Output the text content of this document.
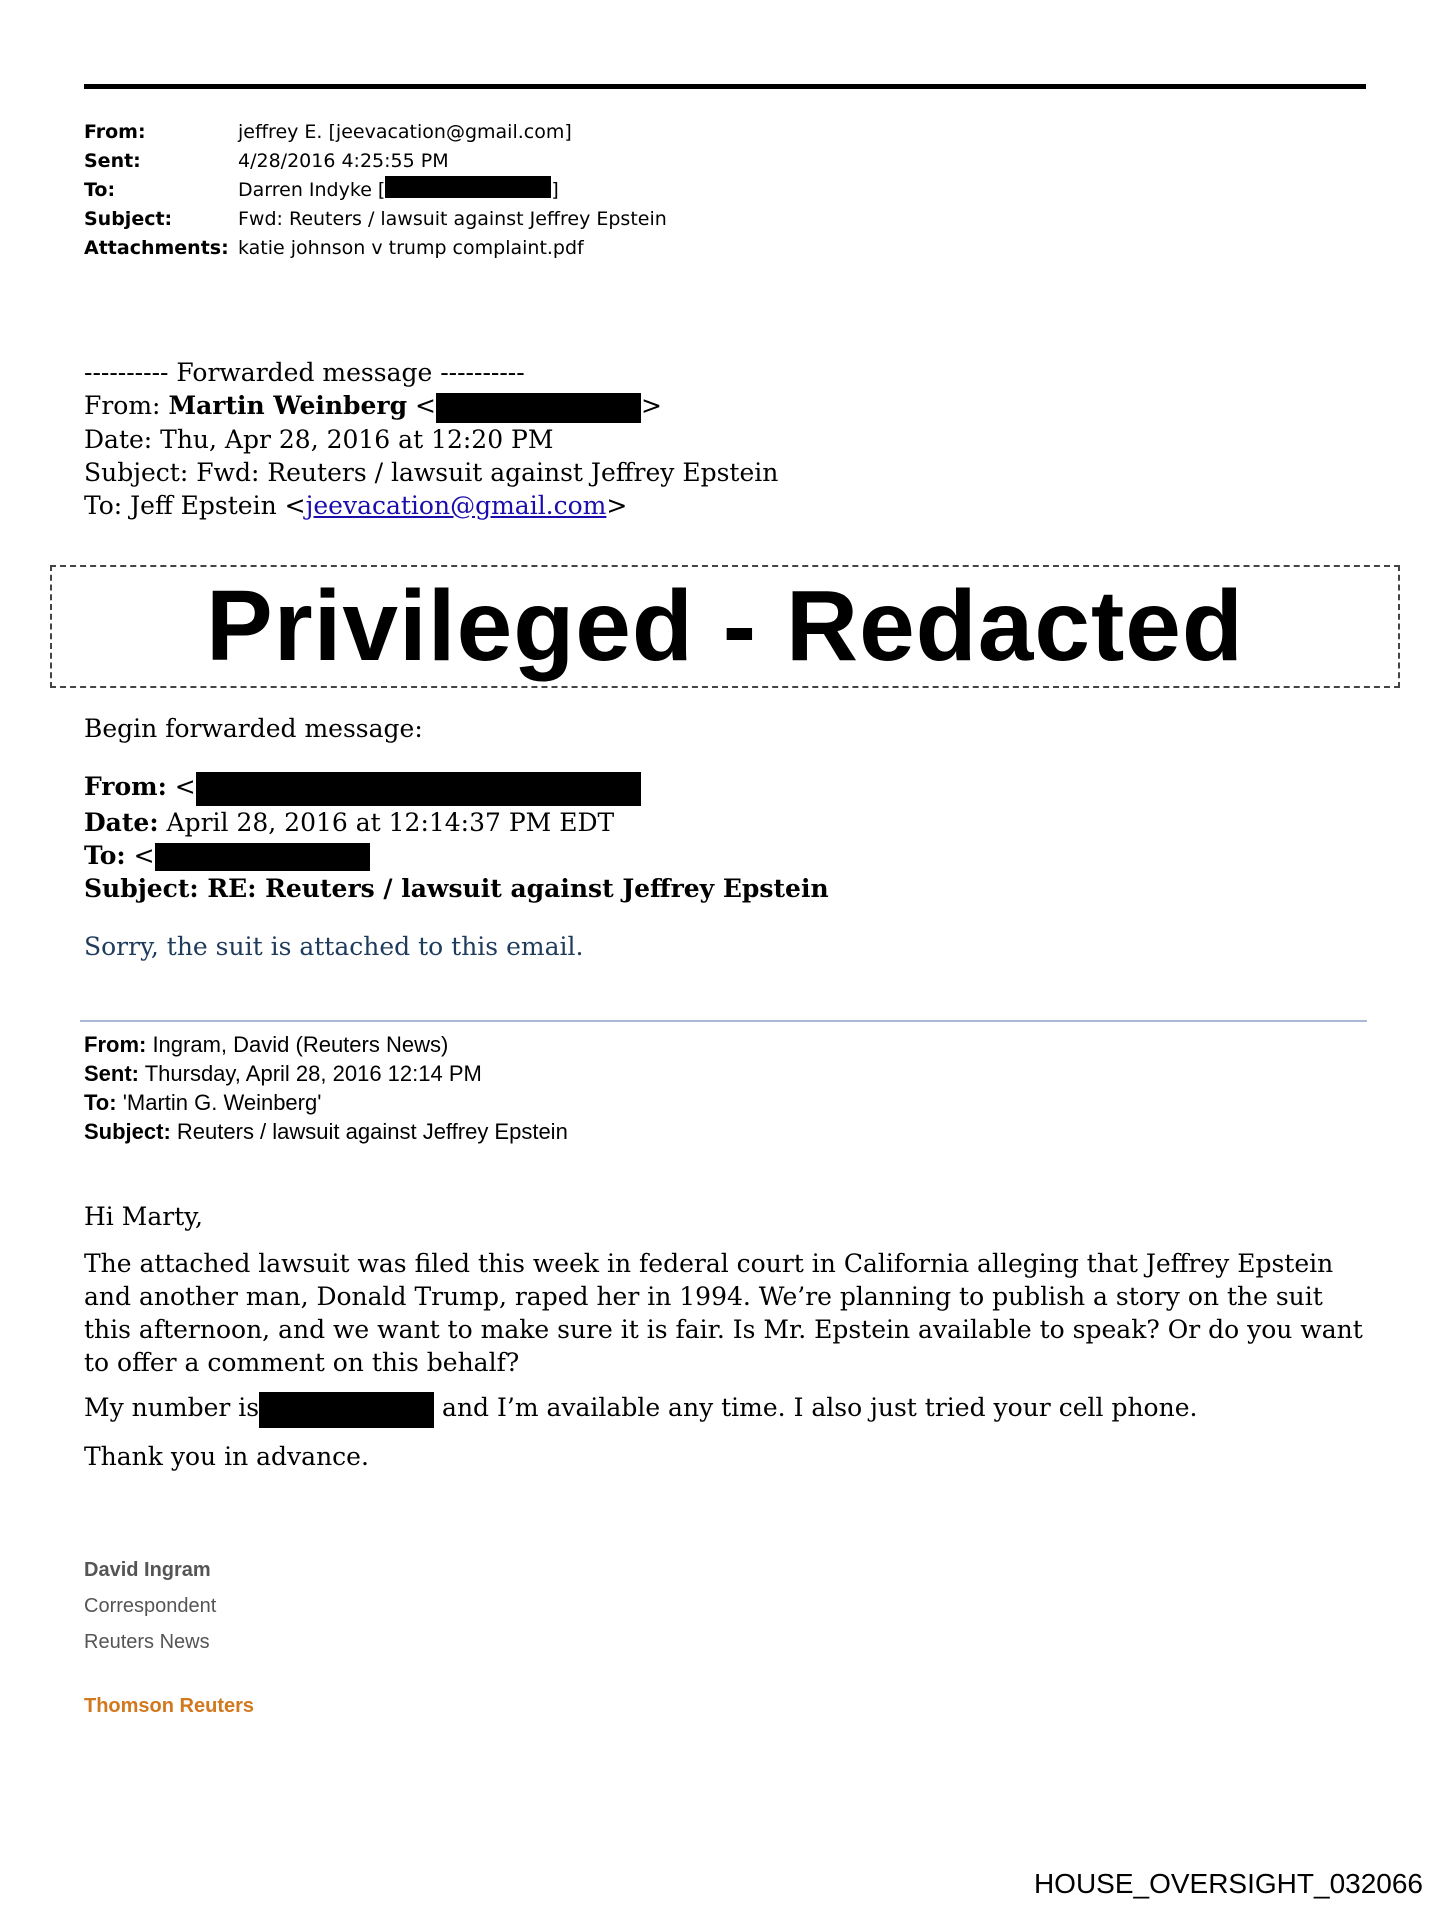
From:	jeffrey E. [jeevacation@gmail.com]
Sent:	4/28/2016 4:25:55 PM
To:	Darren Indyke [	]
Subject:	Fwd: Reuters / lawsuit against Jeffrey Epstein
Attachments: katie johnson v trump complaint.pdf
---------- Forwarded message ----------
From: Martin Weinberg <	>
Date: Thu, Apr 28, 2016 at 12:20 PM
Subject: Fwd: Reuters / lawsuit against Jeffrey Epstein
To: Jeff Epstein <jeevacation@gmail.com>
Privileged - Redacted
Begin forwarded message:
From: <
Date: April 28, 2016 at 12:14:37 PM EDT
To: <
Subject: RE: Reuters / lawsuit against Jeffrey Epstein
Sorry, the suit is attached to this email.
From: Ingram, David (Reuters News)
Sent: Thursday, April 28, 2016 12:14 PM
To: 'Martin G. Weinberg'
Subject: Reuters / lawsuit against Jeffrey Epstein

Hi Marty,

The attached lawsuit was filed this week in federal court in California alleging that Jeffrey Epstein and another man, Donald Trump, raped her in 1994. We’re planning to publish a story on the suit this afternoon, and we want to make sure it is fair. Is Mr. Epstein available to speak? Or do you want to offer a comment on this behalf?

My number is	and I’m available any time. I also just tried your cell phone.

Thank you in advance.

David Ingram
Correspondent
Reuters News
Thomson Reuters
HOUSE_OVERSIGHT_032066
